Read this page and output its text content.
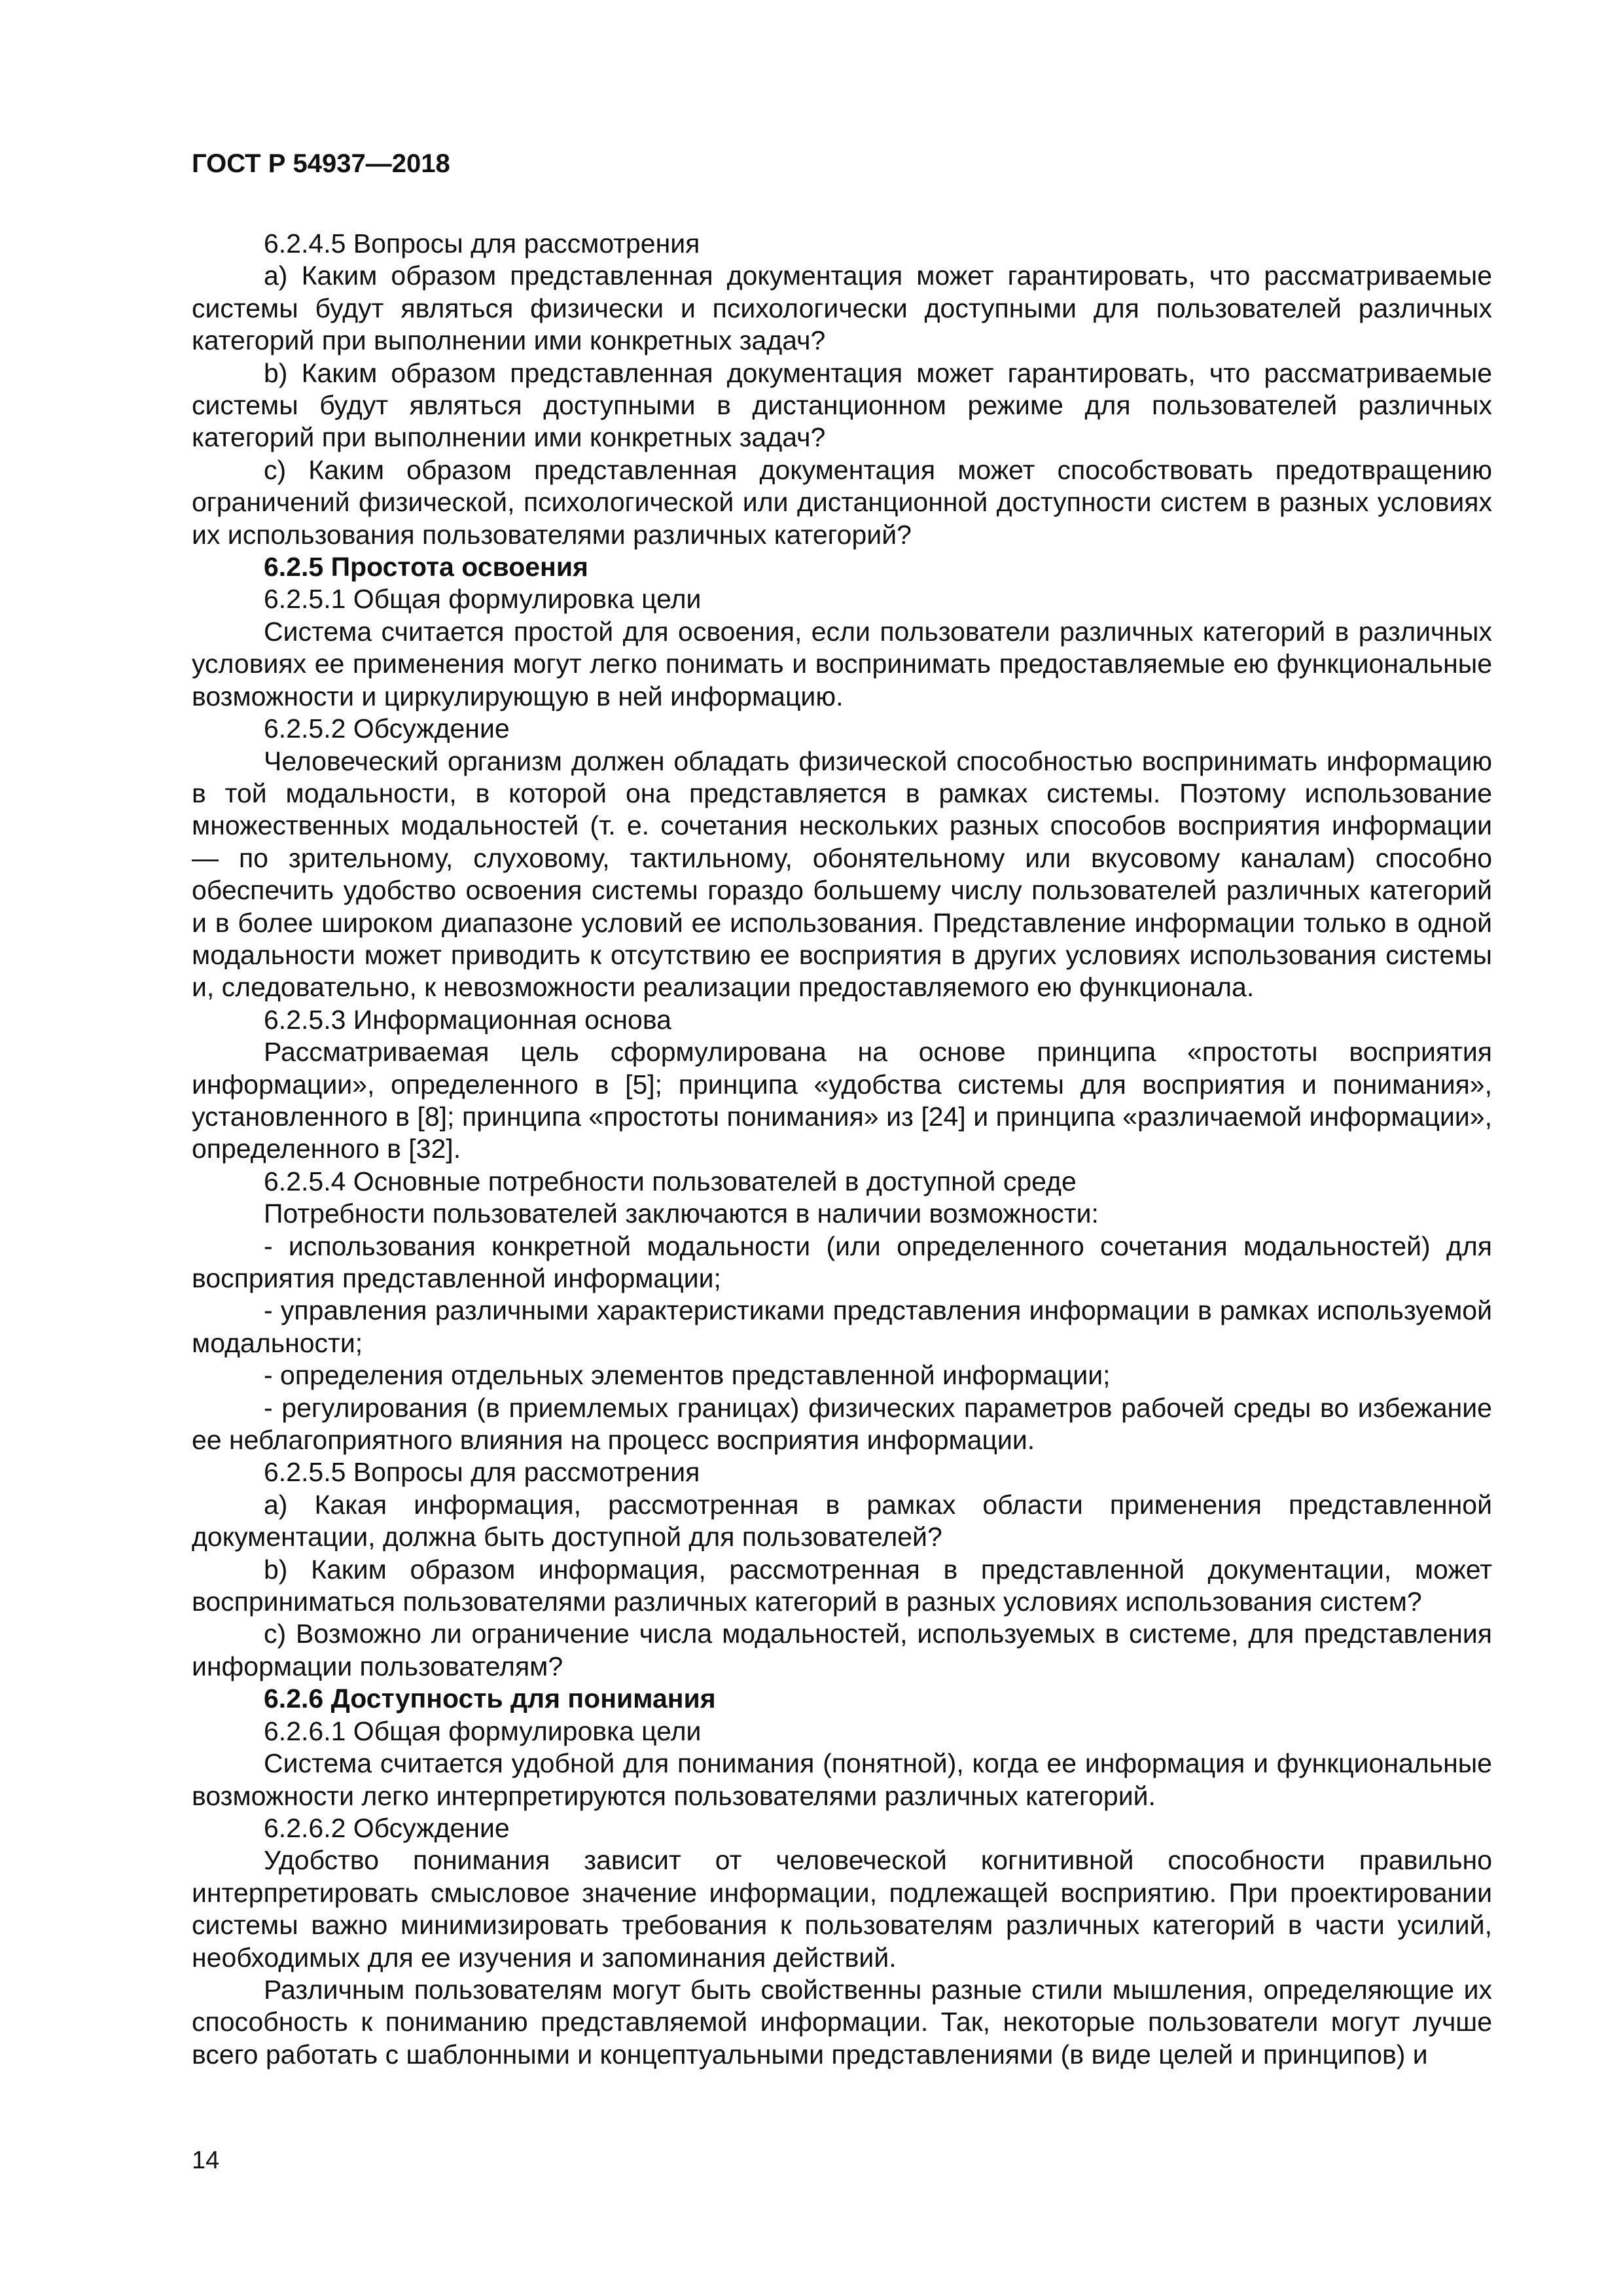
ГОСТ Р 54937—2018

6.2.4.5 Вопросы для рассмотрения

a) Каким образом представленная документация может гарантировать, что рассматриваемые системы будут являться физически и психологически доступными для пользователей различных категорий при выполнении ими конкретных задач?

b) Каким образом представленная документация может гарантировать, что рассматриваемые системы будут являться доступными в дистанционном режиме для пользователей различных категорий при выполнении ими конкретных задач?

c) Каким образом представленная документация может способствовать предотвращению ограничений физической, психологической или дистанционной доступности систем в разных условиях их использования пользователями различных категорий?

6.2.5 Простота освоения

6.2.5.1 Общая формулировка цели

Система считается простой для освоения, если пользователи различных категорий в различных условиях ее применения могут легко понимать и воспринимать предоставляемые ею функциональные возможности и циркулирующую в ней информацию.

6.2.5.2 Обсуждение

Человеческий организм должен обладать физической способностью воспринимать информацию в той модальности, в которой она представляется в рамках системы. Поэтому использование множественных модальностей (т. е. сочетания нескольких разных способов восприятия информации — по зрительному, слуховому, тактильному, обонятельному или вкусовому каналам) способно обеспечить удобство освоения системы гораздо большему числу пользователей различных категорий и в более широком диапазоне условий ее использования. Представление информации только в одной модальности может приводить к отсутствию ее восприятия в других условиях использования системы и, следовательно, к невозможности реализации предоставляемого ею функционала.

6.2.5.3 Информационная основа

Рассматриваемая цель сформулирована на основе принципа «простоты восприятия информации», определенного в [5]; принципа «удобства системы для восприятия и понимания», установленного в [8]; принципа «простоты понимания» из [24] и принципа «различаемой информации», определенного в [32].

6.2.5.4 Основные потребности пользователей в доступной среде

Потребности пользователей заключаются в наличии возможности:

- использования конкретной модальности (или определенного сочетания модальностей) для восприятия представленной информации;

- управления различными характеристиками представления информации в рамках используемой модальности;

- определения отдельных элементов представленной информации;

- регулирования (в приемлемых границах) физических параметров рабочей среды во избежание ее неблагоприятного влияния на процесс восприятия информации.

6.2.5.5 Вопросы для рассмотрения

a) Какая информация, рассмотренная в рамках области применения представленной документации, должна быть доступной для пользователей?

b) Каким образом информация, рассмотренная в представленной документации, может восприниматься пользователями различных категорий в разных условиях использования систем?

c) Возможно ли ограничение числа модальностей, используемых в системе, для представления информации пользователям?

6.2.6 Доступность для понимания

6.2.6.1 Общая формулировка цели

Система считается удобной для понимания (понятной), когда ее информация и функциональные возможности легко интерпретируются пользователями различных категорий.

6.2.6.2 Обсуждение

Удобство понимания зависит от человеческой когнитивной способности правильно интерпретировать смысловое значение информации, подлежащей восприятию. При проектировании системы важно минимизировать требования к пользователям различных категорий в части усилий, необходимых для ее изучения и запоминания действий.

Различным пользователям могут быть свойственны разные стили мышления, определяющие их способность к пониманию представляемой информации. Так, некоторые пользователи могут лучше всего работать с шаблонными и концептуальными представлениями (в виде целей и принципов) и

14
